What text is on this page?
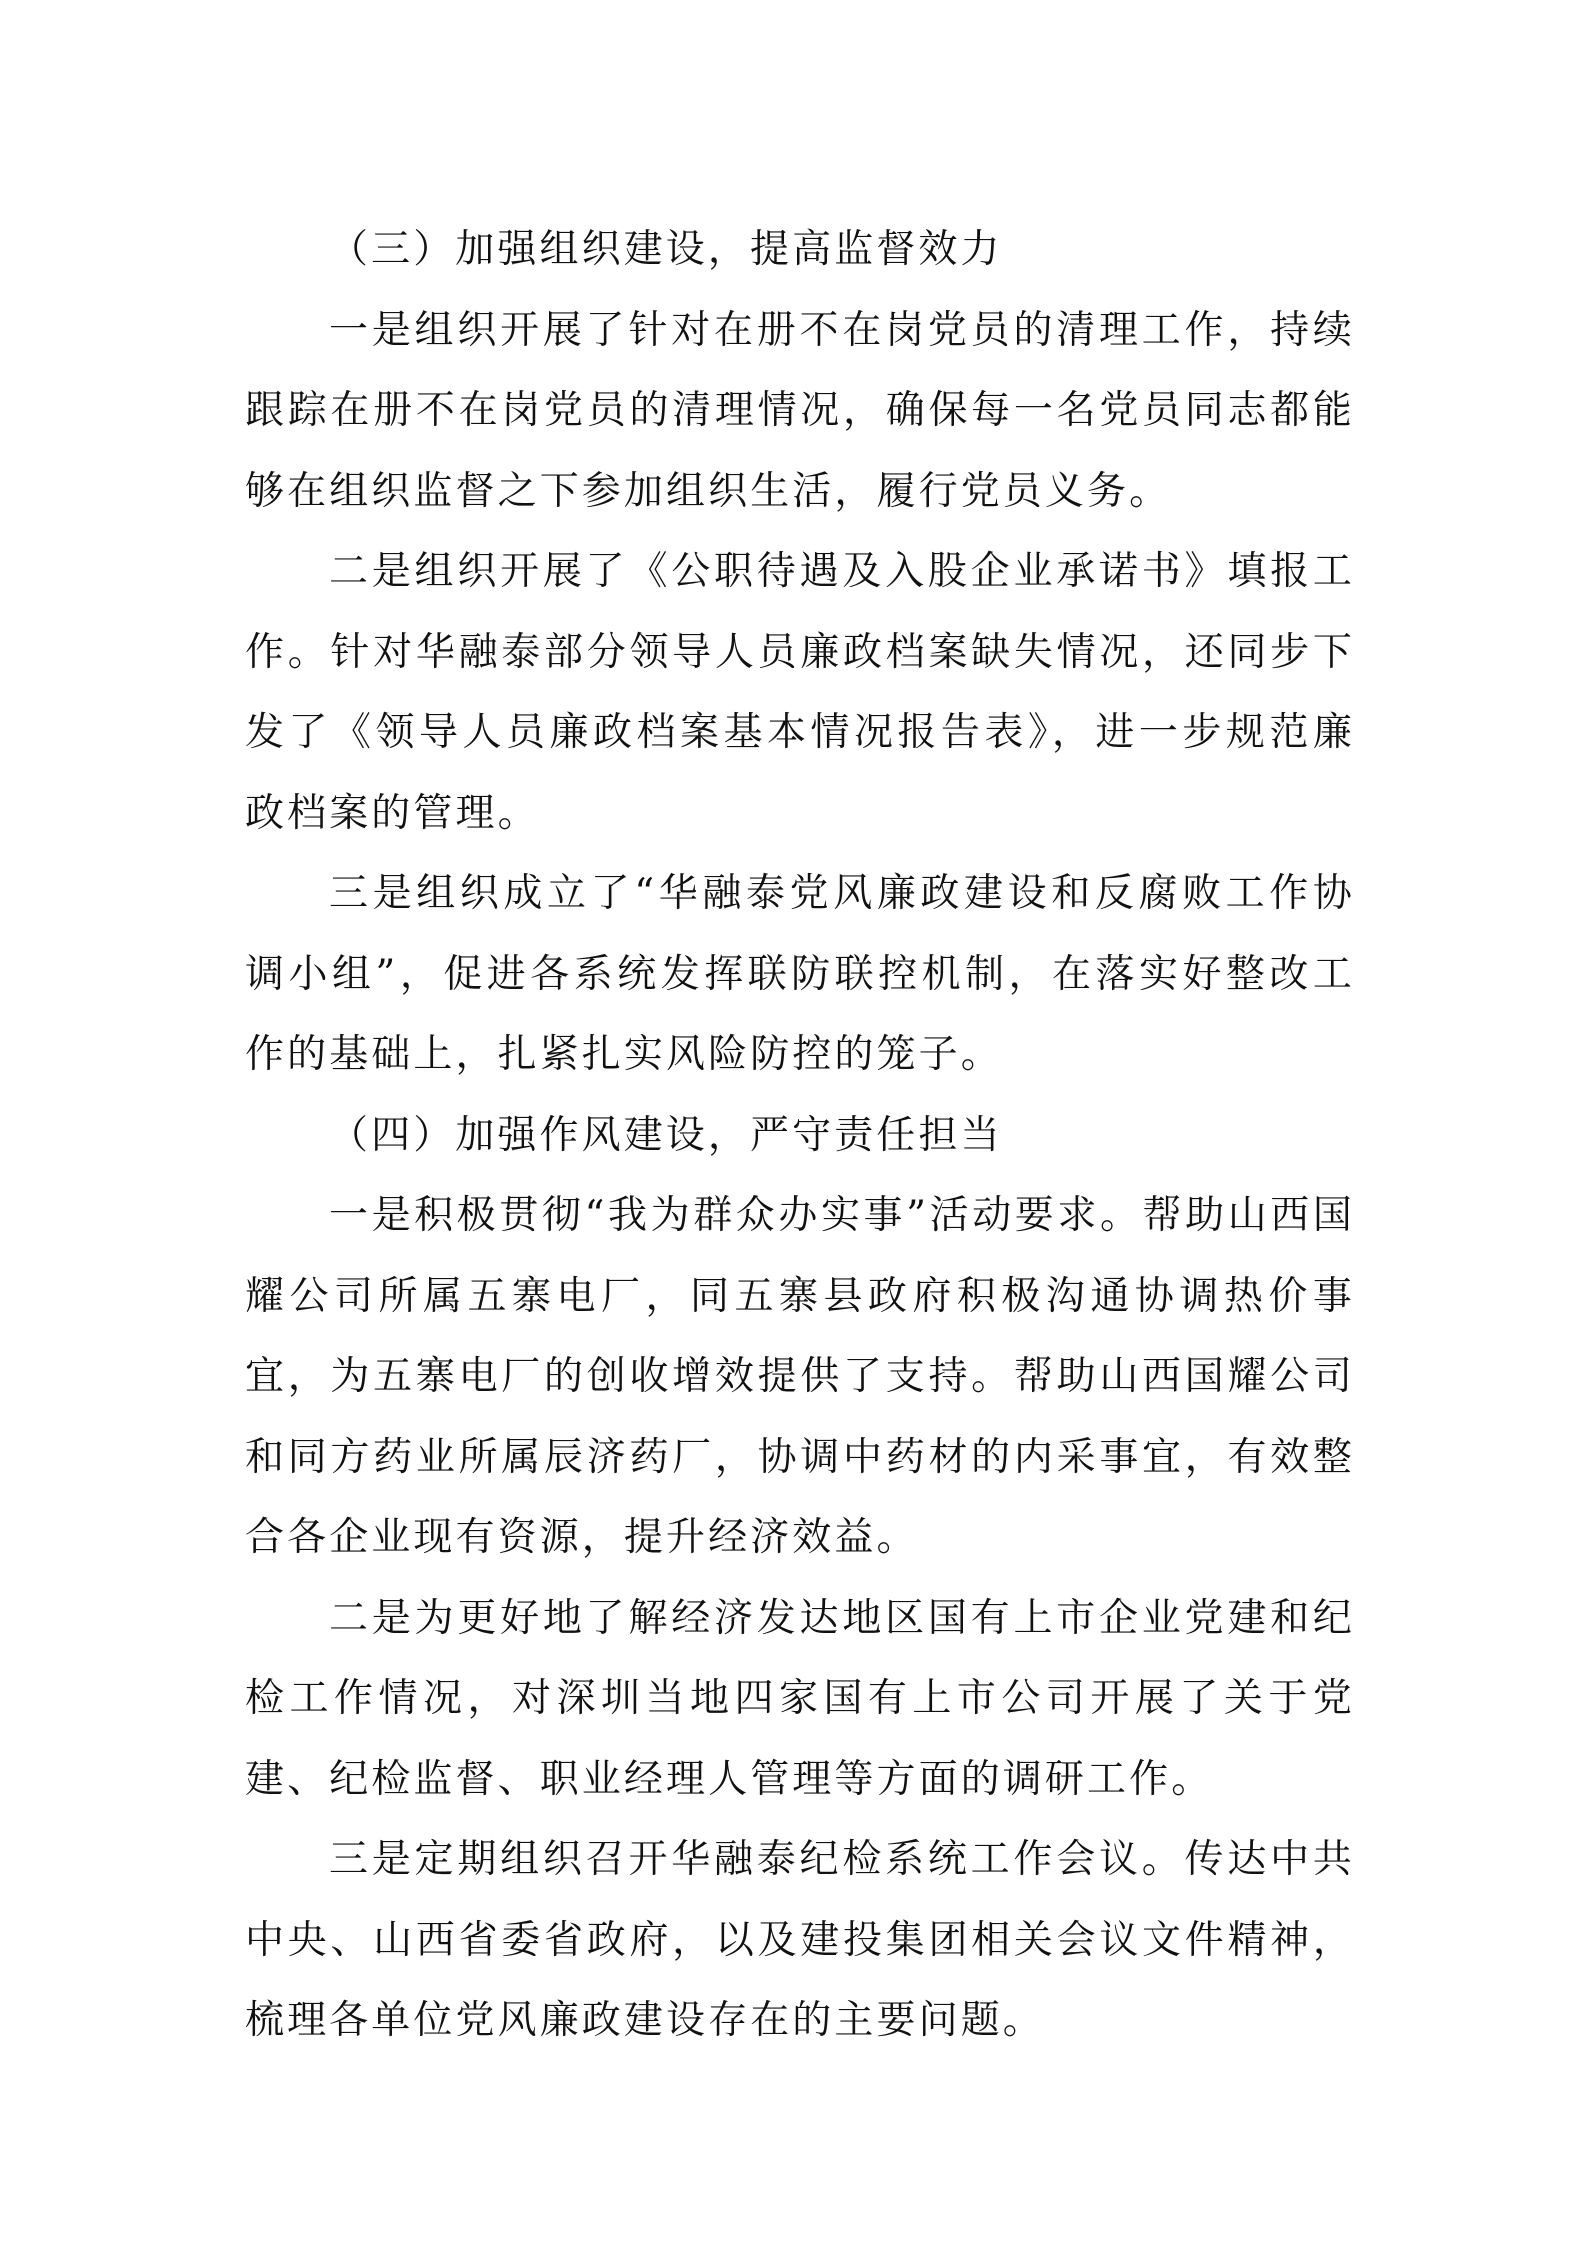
（三）加强组织建设，提高监督效力

一是组织开展了针对在册不在岗党员的清理工作，持续跟踪在册不在岗党员的清理情况，确保每一名党员同志都能够在组织监督之下参加组织生活，履行党员义务。

二是组织开展了《公职待遇及入股企业承诺书》填报工作。针对华融泰部分领导人员廉政档案缺失情况，还同步下发了《领导人员廉政档案基本情况报告表》，进一步规范廉政档案的管理。

三是组织成立了“华融泰党风廉政建设和反腐败工作协调小组”，促进各系统发挥联防联控机制，在落实好整改工作的基础上，扎紧扎实风险防控的笼子。

（四）加强作风建设，严守责任担当

一是积极贯彻“我为群众办实事”活动要求。帮助山西国耀公司所属五寨电厂，同五寨县政府积极沟通协调热价事宜，为五寨电厂的创收增效提供了支持。帮助山西国耀公司和同方药业所属辰济药厂，协调中药材的内采事宜，有效整合各企业现有资源，提升经济效益。

二是为更好地了解经济发达地区国有上市企业党建和纪检工作情况，对深圳当地四家国有上市公司开展了关于党建、纪检监督、职业经理人管理等方面的调研工作。

三是定期组织召开华融泰纪检系统工作会议。传达中共中央、山西省委省政府，以及建投集团相关会议文件精神，梳理各单位党风廉政建设存在的主要问题。
